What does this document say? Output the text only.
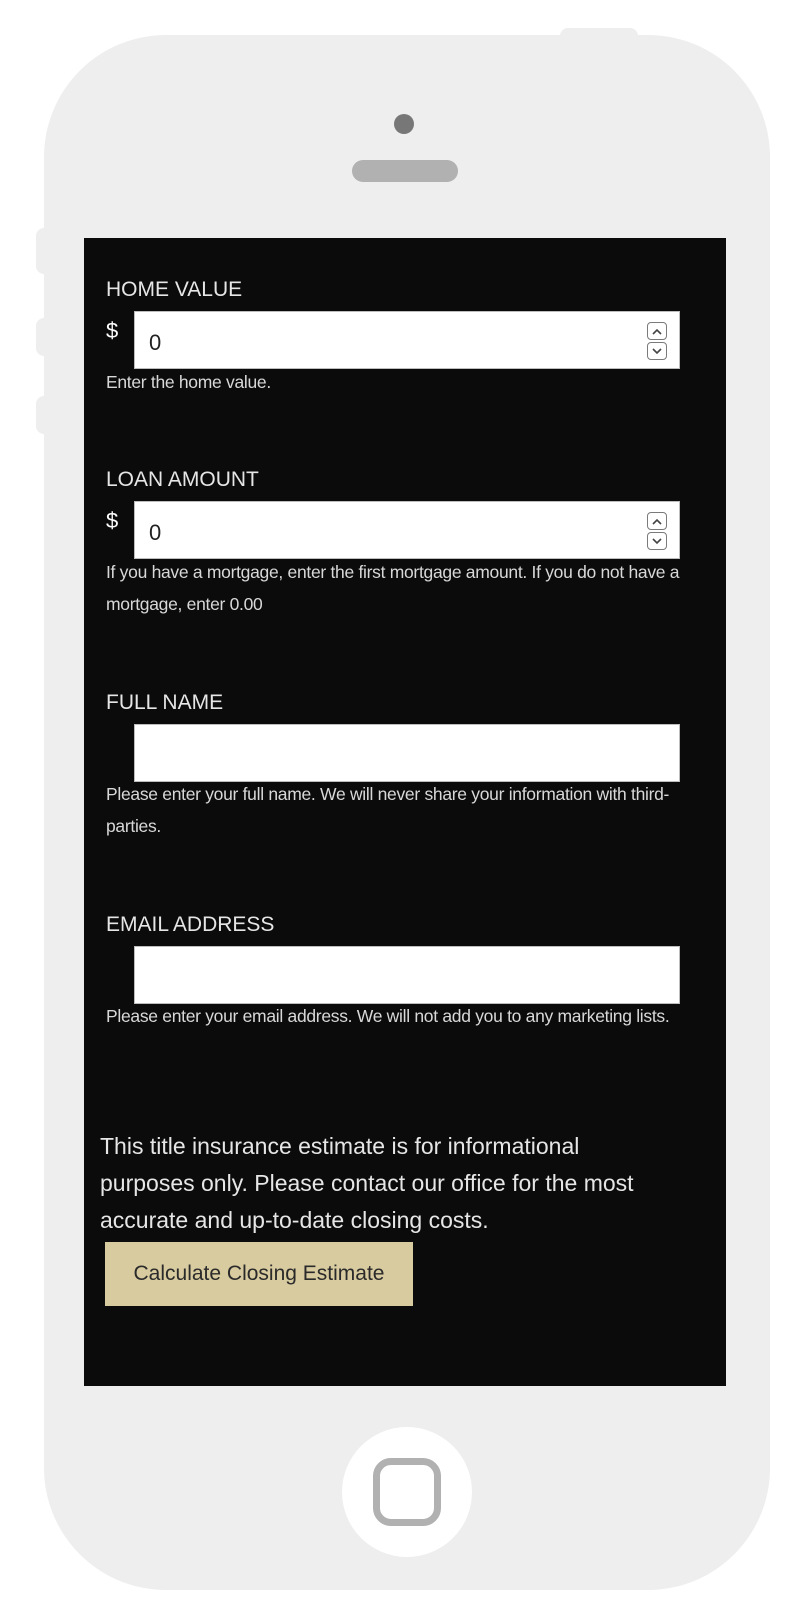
HOME VALUE
$ 0
Enter the home value.
LOAN AMOUNT
$ 0
If you have a mortgage, enter the first mortgage amount. If you do not have a mortgage, enter 0.00
FULL NAME
Please enter your full name. We will never share your information with third-parties.
EMAIL ADDRESS
Please enter your email address. We will not add you to any marketing lists.
This title insurance estimate is for informational purposes only. Please contact our office for the most accurate and up-to-date closing costs.
Calculate Closing Estimate
